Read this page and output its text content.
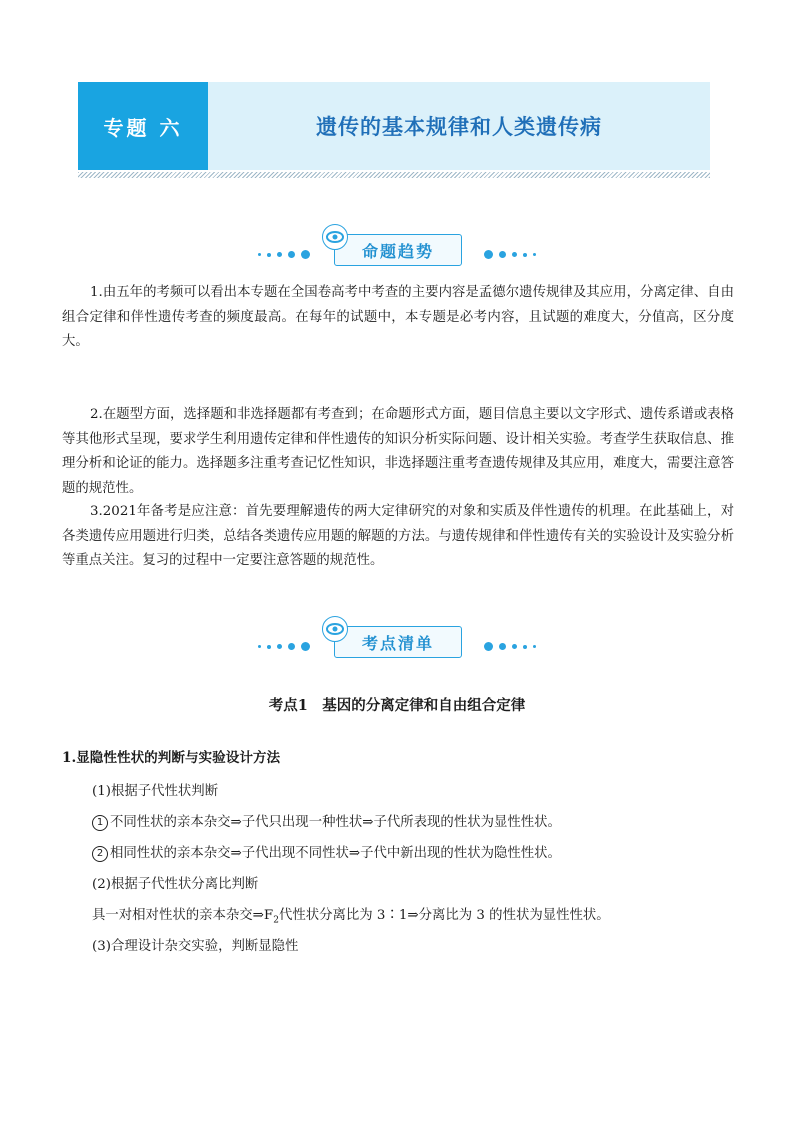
专题 六	遗传的基本规律和人类遗传病
命题趋势
1.由五年的考频可以看出本专题在全国卷高考中考查的主要内容是孟德尔遗传规律及其应用，分离定律、自由组合定律和伴性遗传考查的频度最高。在每年的试题中，本专题是必考内容，且试题的难度大，分值高，区分度大。
2.在题型方面，选择题和非选择题都有考查到；在命题形式方面，题目信息主要以文字形式、遗传系谱或表格等其他形式呈现，要求学生利用遗传定律和伴性遗传的知识分析实际问题、设计相关实验。考查学生获取信息、推理分析和论证的能力。选择题多注重考查记忆性知识，非选择题注重考查遗传规律及其应用，难度大，需要注意答题的规范性。
3.2021年备考是应注意：首先要理解遗传的两大定律研究的对象和实质及伴性遗传的机理。在此基础上，对各类遗传应用题进行归类，总结各类遗传应用题的解题的方法。与遗传规律和伴性遗传有关的实验设计及实验分析等重点关注。复习的过程中一定要注意答题的规范性。
考点清单
考点1　基因的分离定律和自由组合定律
1.显隐性性状的判断与实验设计方法
(1)根据子代性状判断
1 不同性状的亲本杂交⇒子代只出现一种性状⇒子代所表现的性状为显性性状。
2 相同性状的亲本杂交⇒子代出现不同性状⇒子代中新出现的性状为隐性性状。
(2)根据子代性状分离比判断
具一对相对性状的亲本杂交$\Rightarrow F_2$代性状分离比为 3∶1⇒分离比为 3 的性状为显性性状。
(3)合理设计杂交实验，判断显隐性
